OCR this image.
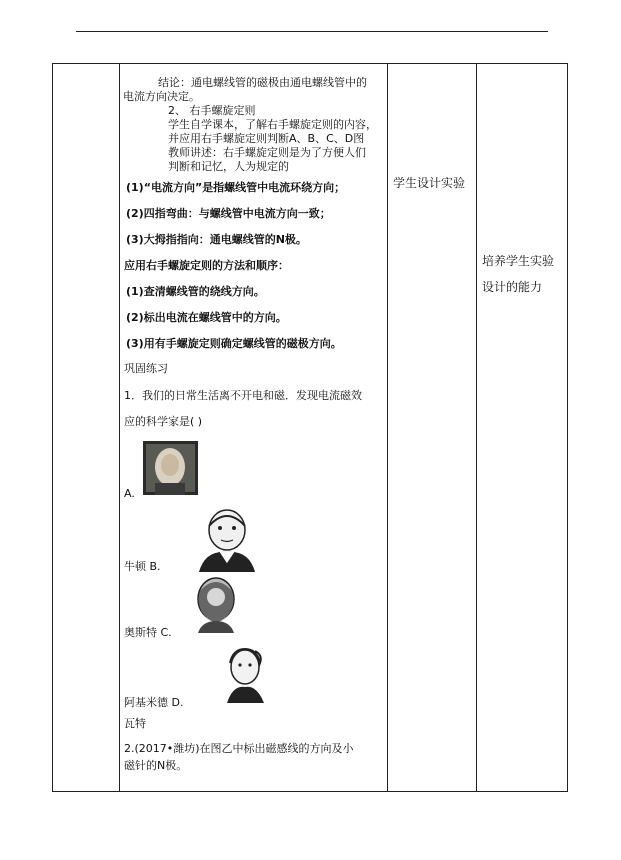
结论：通电螺线管的磁极由通电螺线管中的
电流方向决定。
2、 右手螺旋定则
学生自学课本，了解右手螺旋定则的内容，
并应用右手螺旋定则判断A、B、C、D图
教师讲述：右手螺旋定则是为了方便人们
判断和记忆，人为规定的
(1)“电流方向”是指螺线管中电流环绕方向；
(2)四指弯曲：与螺线管中电流方向一致；
(3)大拇指指向：通电螺线管的N极。
应用右手螺旋定则的方法和顺序：
(1)查清螺线管的绕线方向。
(2)标出电流在螺线管中的方向。
(3)用有手螺旋定则确定螺线管的磁极方向。
巩固练习
1．我们的日常生活离不开电和磁．发现电流磁效
应的科学家是( )
A.
牛顿 B.
奥斯特 C.
阿基米德 D.
瓦特
2.(2017•潍坊)在图乙中标出磁感线的方向及小
磁针的N极。
学生设计实验
培养学生实验
设计的能力
